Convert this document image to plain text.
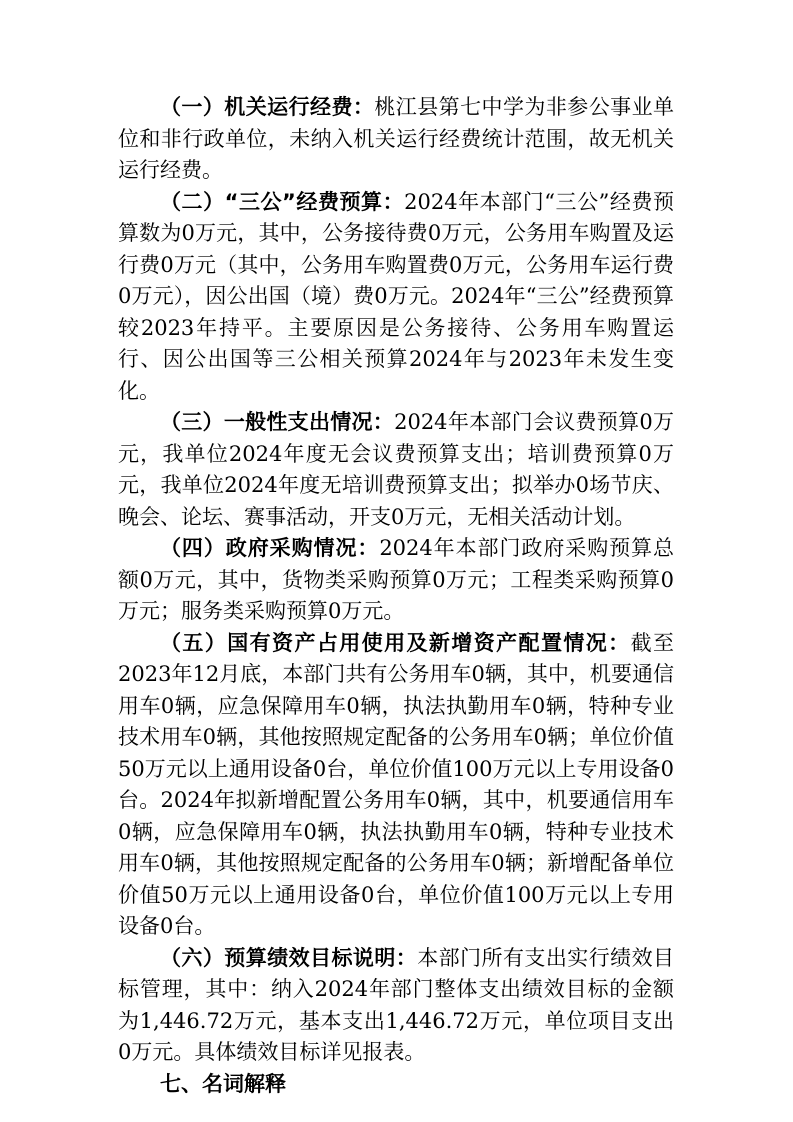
（一）机关运行经费：桃江县第七中学为非参公事业单位和非行政单位，未纳入机关运行经费统计范围，故无机关运行经费。

（二）“三公”经费预算：2024年本部门“三公”经费预算数为0万元，其中，公务接待费0万元，公务用车购置及运行费0万元（其中，公务用车购置费0万元，公务用车运行费0万元），因公出国（境）费0万元。2024年“三公”经费预算较2023年持平。主要原因是公务接待、公务用车购置运行、因公出国等三公相关预算2024年与2023年未发生变化。

（三）一般性支出情况：2024年本部门会议费预算0万元，我单位2024年度无会议费预算支出；培训费预算0万元，我单位2024年度无培训费预算支出；拟举办0场节庆、晚会、论坛、赛事活动，开支0万元，无相关活动计划。

（四）政府采购情况：2024年本部门政府采购预算总额0万元，其中，货物类采购预算0万元；工程类采购预算0万元；服务类采购预算0万元。

（五）国有资产占用使用及新增资产配置情况：截至2023年12月底，本部门共有公务用车0辆，其中，机要通信用车0辆，应急保障用车0辆，执法执勤用车0辆，特种专业技术用车0辆，其他按照规定配备的公务用车0辆；单位价值50万元以上通用设备0台，单位价值100万元以上专用设备0台。2024年拟新增配置公务用车0辆，其中，机要通信用车0辆，应急保障用车0辆，执法执勤用车0辆，特种专业技术用车0辆，其他按照规定配备的公务用车0辆；新增配备单位价值50万元以上通用设备0台，单位价值100万元以上专用设备0台。

（六）预算绩效目标说明：本部门所有支出实行绩效目标管理，其中：纳入2024年部门整体支出绩效目标的金额为1,446.72万元，基本支出1,446.72万元，单位项目支出0万元。具体绩效目标详见报表。

七、名词解释
